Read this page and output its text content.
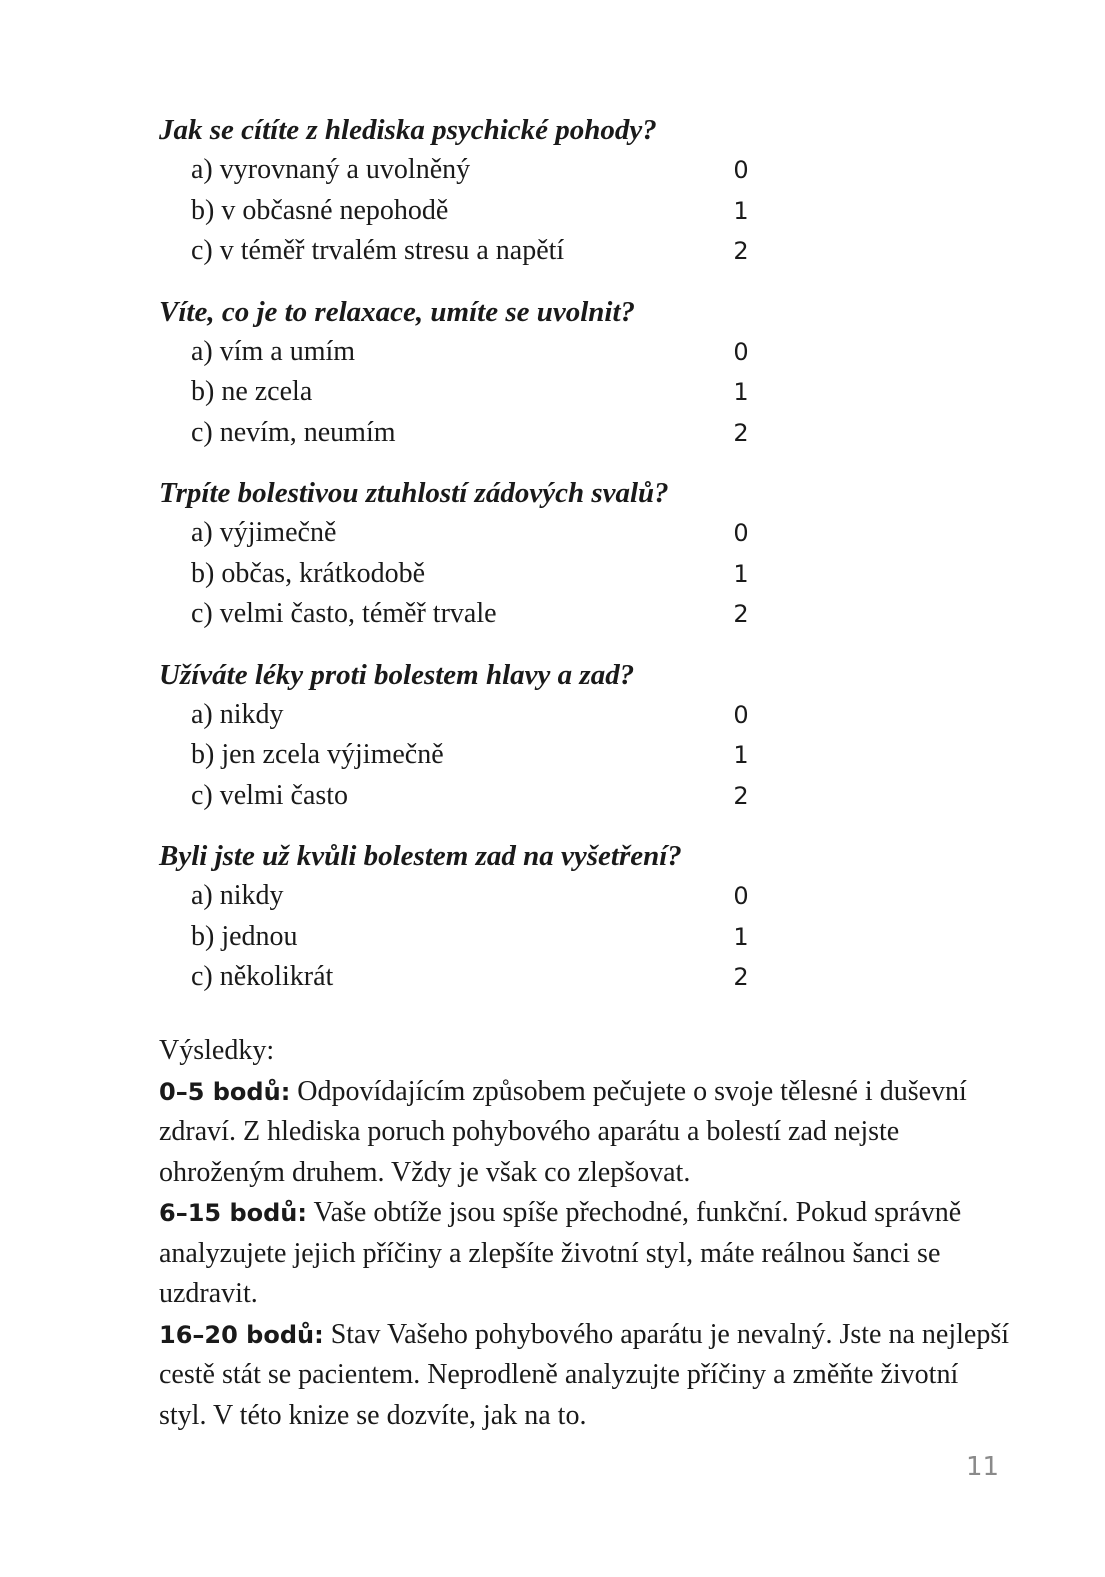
Jak se cítíte z hlediska psychické pohody?

a) vyrovnaný a uvolněný	0
b) v občasné nepohodě	1
c) v téměř trvalém stresu a napětí	2

Víte, co je to relaxace, umíte se uvolnit?

a) vím a umím	0
b) ne zcela	1
c) nevím, neumím	2

Trpíte bolestivou ztuhlostí zádových svalů?

a) výjimečně	0
b) občas, krátkodobě	1
c) velmi často, téměř trvale	2

Užíváte léky proti bolestem hlavy a zad?

a) nikdy	0
b) jen zcela výjimečně	1
c) velmi často	2

Byli jste už kvůli bolestem zad na vyšetření?

a) nikdy	0
b) jednou	1
c) několikrát	2

Výsledky:

0–5 bodů: Odpovídajícím způsobem pečujete o svoje tělesné i duševní zdraví. Z hlediska poruch pohybového aparátu a bolestí zad nejste ohroženým druhem. Vždy je však co zlepšovat.

6–15 bodů: Vaše obtíže jsou spíše přechodné, funkční. Pokud správně analyzujete jejich příčiny a zlepšíte životní styl, máte reálnou šanci se uzdravit.

16–20 bodů: Stav Vašeho pohybového aparátu je nevalný. Jste na nejlepší cestě stát se pacientem. Neprodleně analyzujte příčiny a změňte životní styl. V této knize se dozvíte, jak na to.

11
